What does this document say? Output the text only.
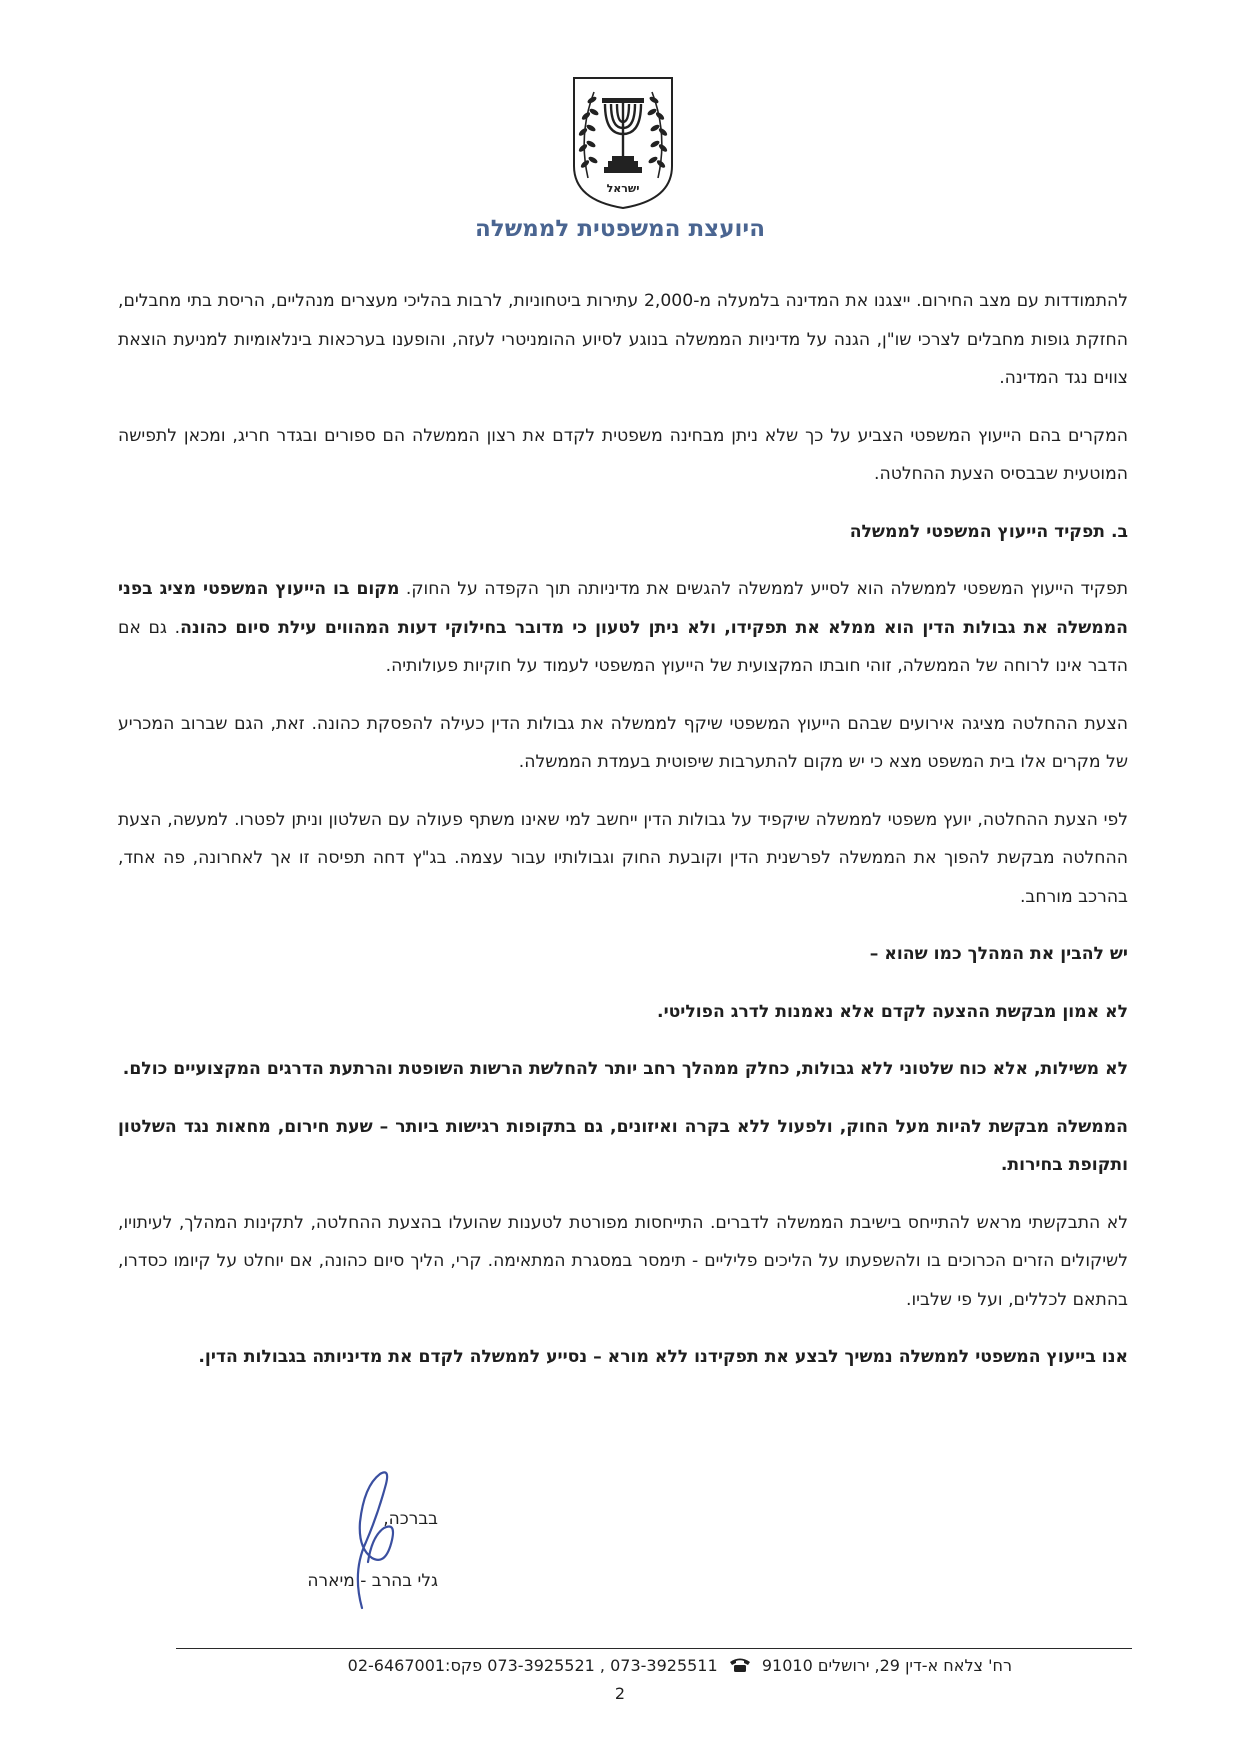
ישראל
היועצת המשפטית לממשלה

להתמודדות עם מצב החירום. ייצגנו את המדינה בלמעלה מ-2,000 עתירות ביטחוניות, לרבות בהליכי מעצרים מנהליים, הריסת בתי מחבלים, החזקת גופות מחבלים לצרכי שו"ן, הגנה על מדיניות הממשלה בנוגע לסיוע ההומניטרי לעזה, והופענו בערכאות בינלאומיות למניעת הוצאת צווים נגד המדינה.

המקרים בהם הייעוץ המשפטי הצביע על כך שלא ניתן מבחינה משפטית לקדם את רצון הממשלה הם ספורים ובגדר חריג, ומכאן לתפישה המוטעית שבבסיס הצעת ההחלטה.

ב. תפקיד הייעוץ המשפטי לממשלה

תפקיד הייעוץ המשפטי לממשלה הוא לסייע לממשלה להגשים את מדיניותה תוך הקפדה על החוק. מקום בו הייעוץ המשפטי מציג בפני הממשלה את גבולות הדין הוא ממלא את תפקידו, ולא ניתן לטעון כי מדובר בחילוקי דעות המהווים עילת סיום כהונה. גם אם הדבר אינו לרוחה של הממשלה, זוהי חובתו המקצועית של הייעוץ המשפטי לעמוד על חוקיות פעולותיה.

הצעת ההחלטה מציגה אירועים שבהם הייעוץ המשפטי שיקף לממשלה את גבולות הדין כעילה להפסקת כהונה. זאת, הגם שברוב המכריע של מקרים אלו בית המשפט מצא כי יש מקום להתערבות שיפוטית בעמדת הממשלה.

לפי הצעת ההחלטה, יועץ משפטי לממשלה שיקפיד על גבולות הדין ייחשב למי שאינו משתף פעולה עם השלטון וניתן לפטרו. למעשה, הצעת ההחלטה מבקשת להפוך את הממשלה לפרשנית הדין וקובעת החוק וגבולותיו עבור עצמה. בג"ץ דחה תפיסה זו אך לאחרונה, פה אחד, בהרכב מורחב.

יש להבין את המהלך כמו שהוא –

לא אמון מבקשת ההצעה לקדם אלא נאמנות לדרג הפוליטי.

לא משילות, אלא כוח שלטוני ללא גבולות, כחלק ממהלך רחב יותר להחלשת הרשות השופטת והרתעת הדרגים המקצועיים כולם.

הממשלה מבקשת להיות מעל החוק, ולפעול ללא בקרה ואיזונים, גם בתקופות רגישות ביותר – שעת חירום, מחאות נגד השלטון ותקופת בחירות.

לא התבקשתי מראש להתייחס בישיבת הממשלה לדברים. התייחסות מפורטת לטענות שהועלו בהצעת ההחלטה, לתקינות המהלך, לעיתויו, לשיקולים הזרים הכרוכים בו ולהשפעתו על הליכים פליליים - תימסר במסגרת המתאימה. קרי, הליך סיום כהונה, אם יוחלט על קיומו כסדרו, בהתאם לכללים, ועל פי שלביו.

אנו בייעוץ המשפטי לממשלה נמשיך לבצע את תפקידנו ללא מורא – נסייע לממשלה לקדם את מדיניותה בגבולות הדין.

בברכה,
גלי בהרב - מיארה
רח' צלאח א-דין 29, ירושלים 91010  073-3925511 , 073-3925521 פקס:02-6467001
2
